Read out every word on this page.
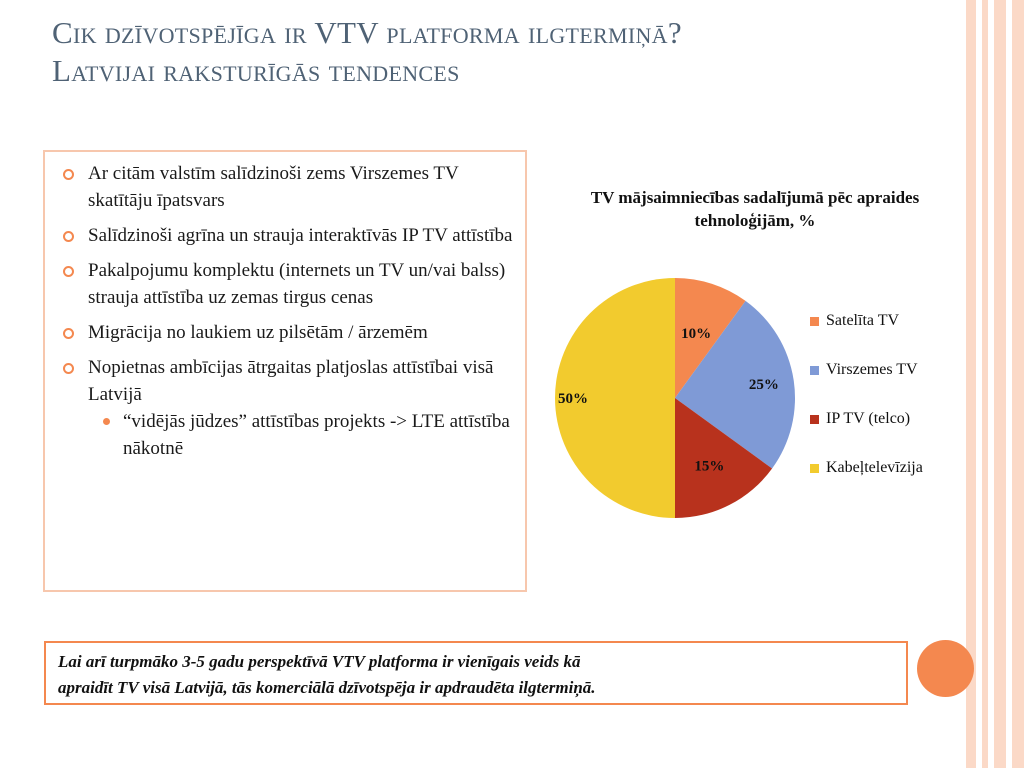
Cik dzīvotspējīga ir VTV platforma ilgtermiņā?
Latvijai raksturīgās tendences
Ar citām valstīm salīdzinoši zems Virszemes TV skatītāju īpatsvars
Salīdzinoši agrīna un strauja interaktīvās IP TV attīstība
Pakalpojumu komplektu (internets un TV un/vai balss) strauja attīstība uz zemas tirgus cenas
Migrācija no laukiem uz pilsētām / ārzemēm
Nopietnas ambīcijas ātrgaitas platjoslas attīstībai visā Latvijā
“vidējās jūdzes” attīstības projekts -> LTE attīstība nākotnē
TV mājsaimniecības sadalījumā pēc apraides tehnoloģijām, %
10%
25%
15%
50%
Satelīta TV
Virszemes TV
IP TV (telco)
Kabeļtelevīzija
Lai arī turpmāko 3-5 gadu perspektīvā VTV platforma ir vienīgais veids kā
apraidīt TV visā Latvijā, tās komerciālā dzīvotspēja ir apdraudēta ilgtermiņā.
